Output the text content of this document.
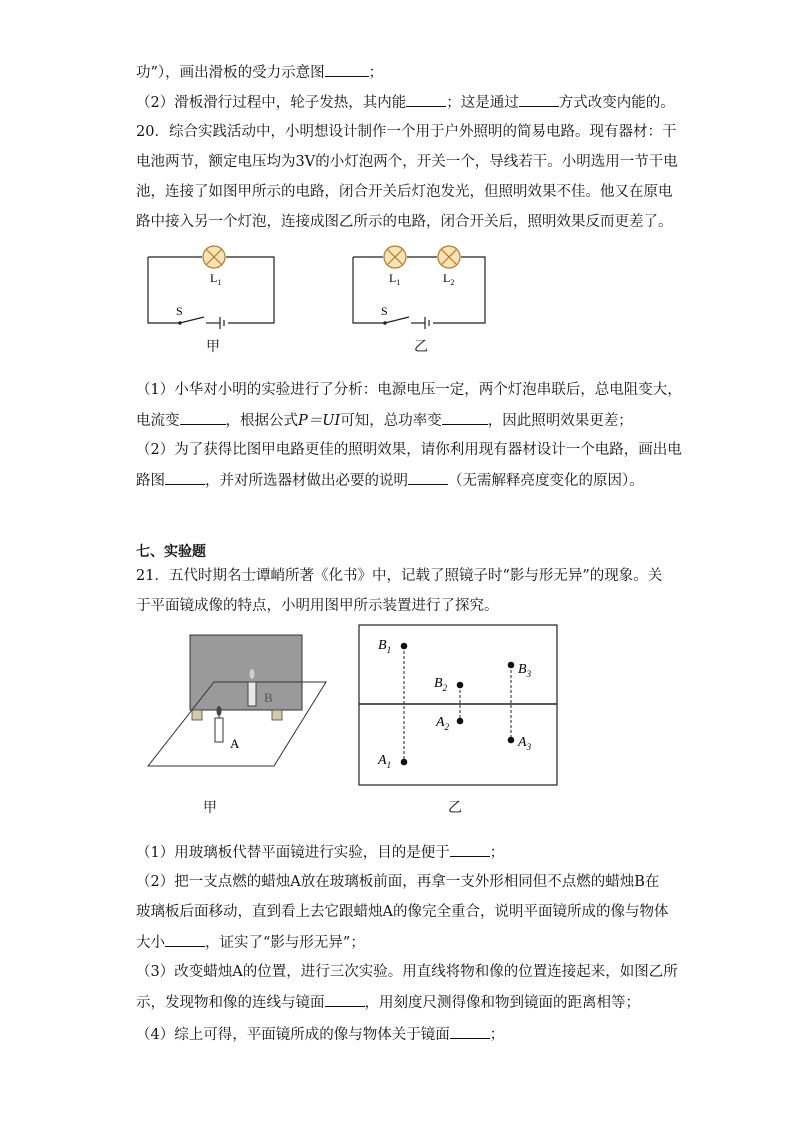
功”），画出滑板的受力示意图	；
（2）滑板滑行过程中，轮子发热，其内能	；这是通过	方式改变内能的。
20．综合实践活动中，小明想设计制作一个用于户外照明的简易电路。现有器材：干
电池两节，额定电压均为3V的小灯泡两个，开关一个，导线若干。小明选用一节干电
池，连接了如图甲所示的电路，闭合开关后灯泡发光，但照明效果不佳。他又在原电
路中接入另一个灯泡，连接成图乙所示的电路，闭合开关后，照明效果反而更差了。
$L_1$
S
甲
$L_1$	$L_2$
S
乙
（1）小华对小明的实验进行了分析：电源电压一定，两个灯泡串联后，总电阻变大，
电流变	，根据公式P＝UI可知，总功率变	，因此照明效果更差；
（2）为了获得比图甲电路更佳的照明效果，请你利用现有器材设计一个电路，画出电
路图	，并对所选器材做出必要的说明	（无需解释亮度变化的原因）。
七、实验题
21．五代时期名士谭峭所著《化书》中，记载了照镜子时“影与形无异”的现象。关
于平面镜成像的特点，小明用图甲所示装置进行了探究。
B
A
甲
$B_1$
$B_2$
$B_3$
$A_1$
$A_2$
$A_3$
乙
（1）用玻璃板代替平面镜进行实验，目的是便于	；
（2）把一支点燃的蜡烛A放在玻璃板前面，再拿一支外形相同但不点燃的蜡烛B在
玻璃板后面移动，直到看上去它跟蜡烛A的像完全重合，说明平面镜所成的像与物体
大小	，证实了“影与形无异”；
（3）改变蜡烛A的位置，进行三次实验。用直线将物和像的位置连接起来，如图乙所
示，发现物和像的连线与镜面	，用刻度尺测得像和物到镜面的距离相等；
（4）综上可得，平面镜所成的像与物体关于镜面	；
